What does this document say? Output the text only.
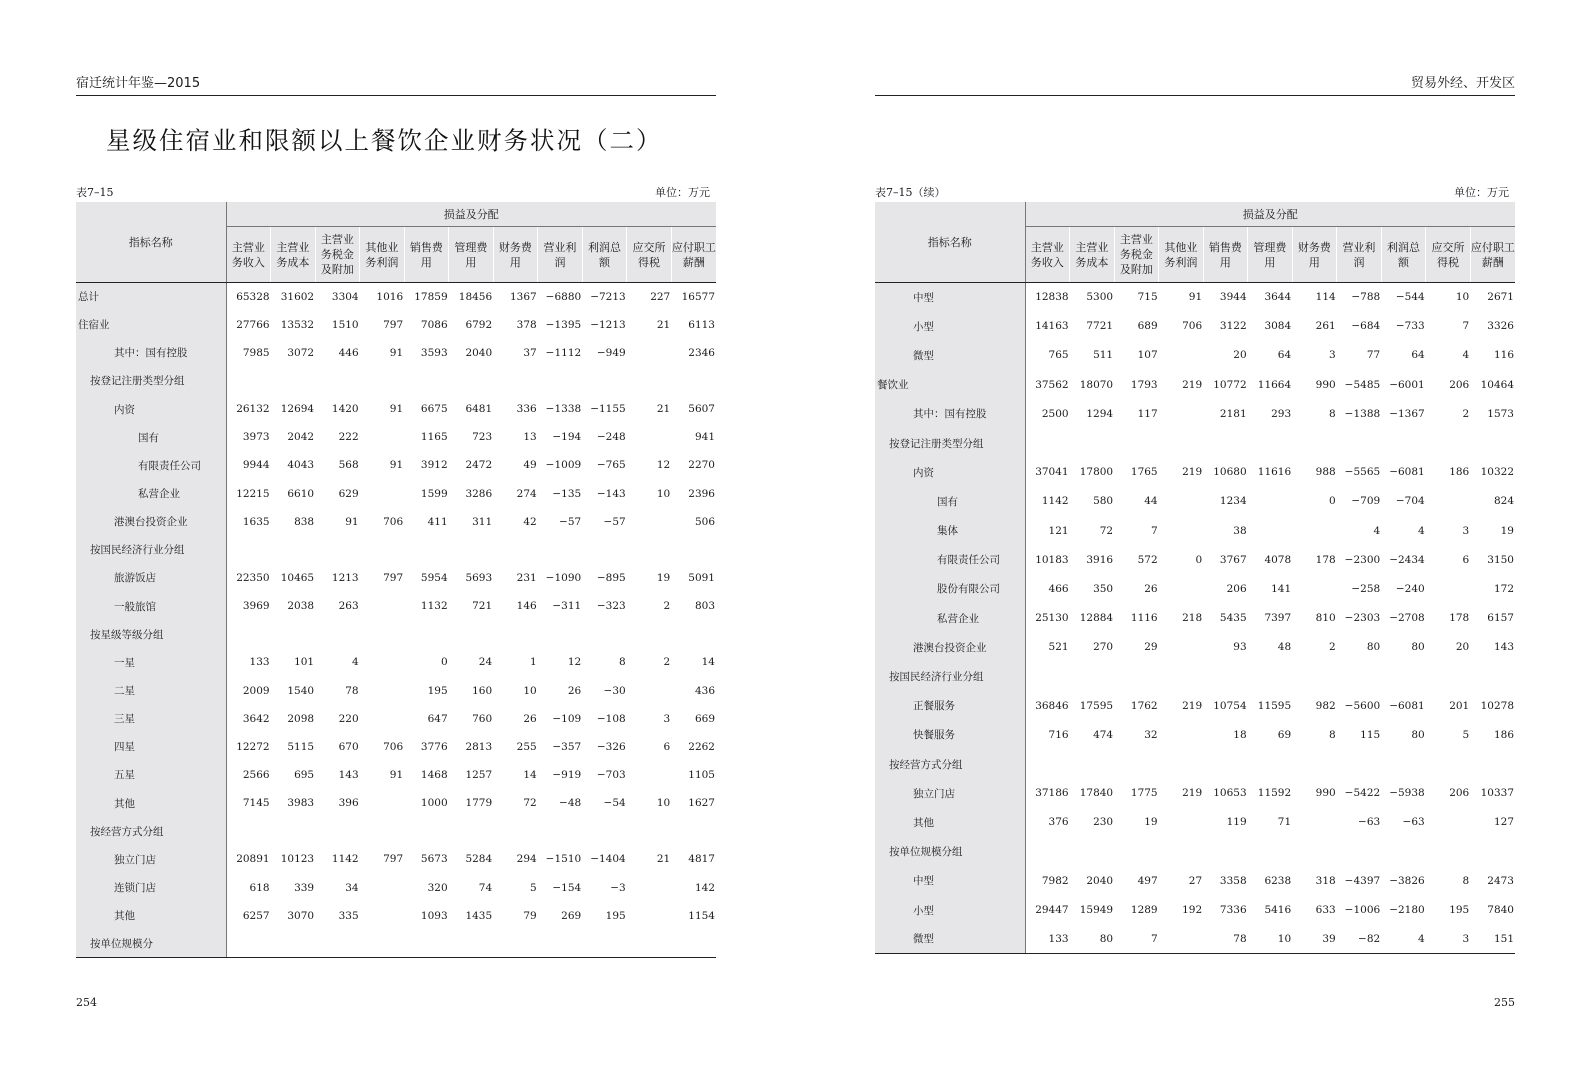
宿迁统计年鉴—2015
星级住宿业和限额以上餐饮企业财务状况（二）
表7–15	单位：万元
指标名称	损益及分配										
	主营业务收入	主营业务成本	主营业务税金及附加	其他业务利润	销售费用	管理费用	财务费用	营业利润	利润总额	应交所得税	应付职工薪酬
总计	65328	31602	3304	1016	17859	18456	1367	−6880	−7213	227	16577
住宿业	27766	13532	1510	797	7086	6792	378	−1395	−1213	21	6113
其中：国有控股	7985	3072	446	91	3593	2040	37	−1112	−949		2346
按登记注册类型分组											
内资	26132	12694	1420	91	6675	6481	336	−1338	−1155	21	5607
国有	3973	2042	222		1165	723	13	−194	−248		941
有限责任公司	9944	4043	568	91	3912	2472	49	−1009	−765	12	2270
私营企业	12215	6610	629		1599	3286	274	−135	−143	10	2396
港澳台投资企业	1635	838	91	706	411	311	42	−57	−57		506
按国民经济行业分组											
旅游饭店	22350	10465	1213	797	5954	5693	231	−1090	−895	19	5091
一般旅馆	3969	2038	263		1132	721	146	−311	−323	2	803
按星级等级分组											
一星	133	101	4		0	24	1	12	8	2	14
二星	2009	1540	78		195	160	10	26	−30		436
三星	3642	2098	220		647	760	26	−109	−108	3	669
四星	12272	5115	670	706	3776	2813	255	−357	−326	6	2262
五星	2566	695	143	91	1468	1257	14	−919	−703		1105
其他	7145	3983	396		1000	1779	72	−48	−54	10	1627
按经营方式分组											
独立门店	20891	10123	1142	797	5673	5284	294	−1510	−1404	21	4817
连锁门店	618	339	34		320	74	5	−154	−3		142
其他	6257	3070	335		1093	1435	79	269	195		1154
按单位规模分											
254
贸易外经、开发区
表7–15（续）	单位：万元
指标名称	损益及分配										
	主营业务收入	主营业务成本	主营业务税金及附加	其他业务利润	销售费用	管理费用	财务费用	营业利润	利润总额	应交所得税	应付职工薪酬
中型	12838	5300	715	91	3944	3644	114	−788	−544	10	2671
小型	14163	7721	689	706	3122	3084	261	−684	−733	7	3326
微型	765	511	107		20	64	3	77	64	4	116
餐饮业	37562	18070	1793	219	10772	11664	990	−5485	−6001	206	10464
其中：国有控股	2500	1294	117		2181	293	8	−1388	−1367	2	1573
按登记注册类型分组											
内资	37041	17800	1765	219	10680	11616	988	−5565	−6081	186	10322
国有	1142	580	44		1234		0	−709	−704		824
集体	121	72	7		38			4	4	3	19
有限责任公司	10183	3916	572	0	3767	4078	178	−2300	−2434	6	3150
股份有限公司	466	350	26		206	141		−258	−240		172
私营企业	25130	12884	1116	218	5435	7397	810	−2303	−2708	178	6157
港澳台投资企业	521	270	29		93	48	2	80	80	20	143
按国民经济行业分组											
正餐服务	36846	17595	1762	219	10754	11595	982	−5600	−6081	201	10278
快餐服务	716	474	32		18	69	8	115	80	5	186
按经营方式分组											
独立门店	37186	17840	1775	219	10653	11592	990	−5422	−5938	206	10337
其他	376	230	19		119	71		−63	−63		127
按单位规模分组											
中型	7982	2040	497	27	3358	6238	318	−4397	−3826	8	2473
小型	29447	15949	1289	192	7336	5416	633	−1006	−2180	195	7840
微型	133	80	7		78	10	39	−82	4	3	151
255
